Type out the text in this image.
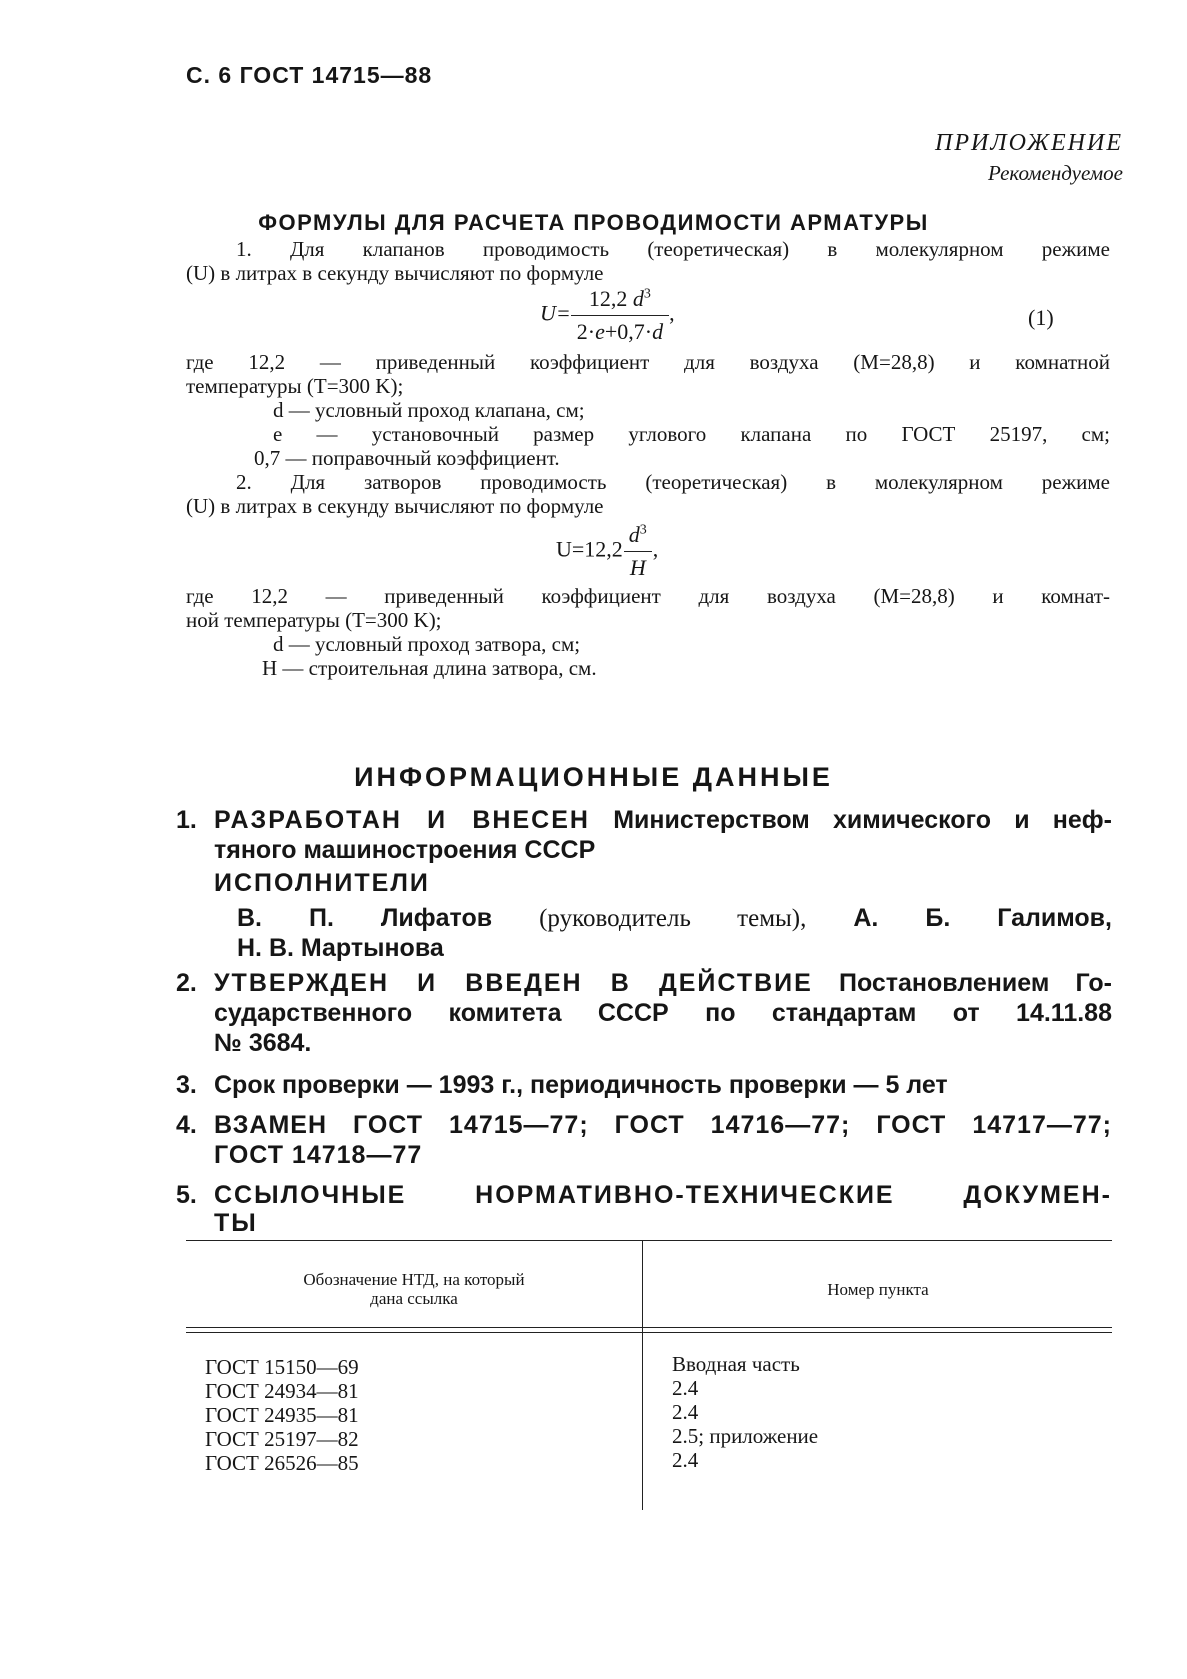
С. 6 ГОСТ 14715—88
ПРИЛОЖЕНИЕ
Рекомендуемое
ФОРМУЛЫ ДЛЯ РАСЧЕТА ПРОВОДИМОСТИ АРМАТУРЫ
1. Для клапанов проводимость (теоретическая) в молекулярном режиме
(U) в литрах в секунду вычисляют по формуле
$U= \frac{12,2 d^3}{2\cdot e+0,7\cdot d}$ ,	(1)
где 12,2 — приведенный коэффициент для воздуха (M=28,8) и комнатной
температуры (T=300 K);
d — условный проход клапана, см;
e — установочный размер углового клапана по ГОСТ 25197, см;
0,7 — поправочный коэффициент.
2. Для затворов проводимость (теоретическая) в молекулярном режиме
(U) в литрах в секунду вычисляют по формуле
$U=12,2 \frac{d^3}{H}$ ,
где 12,2 — приведенный коэффициент для воздуха (M=28,8) и комнат-
ной температуры (T=300 K);
d — условный проход затвора, см;
H — строительная длина затвора, см.
ИНФОРМАЦИОННЫЕ ДАННЫЕ
1. РАЗРАБОТАН И ВНЕСЕН Министерством химического и неф-
тяного машиностроения СССР
ИСПОЛНИТЕЛИ
В. П. Лифатов (руководитель темы), А. Б. Галимов,
Н. В. Мартынова
2. УТВЕРЖДЕН И ВВЕДЕН В ДЕЙСТВИЕ Постановлением Го-
сударственного комитета СССР по стандартам от 14.11.88
№ 3684.
3. Срок проверки — 1993 г., периодичность проверки — 5 лет
4. ВЗАМЕН ГОСТ 14715—77; ГОСТ 14716—77; ГОСТ 14717—77;
ГОСТ 14718—77
5. ССЫЛОЧНЫЕ НОРМАТИВНО-ТЕХНИЧЕСКИЕ ДОКУМЕН-
ТЫ
Обозначение НТД, на который
дана ссылка	Номер пункта
ГОСТ 15150—69
ГОСТ 24934—81
ГОСТ 24935—81
ГОСТ 25197—82
ГОСТ 26526—85
Вводная часть
2.4
2.4
2.5; приложение
2.4
